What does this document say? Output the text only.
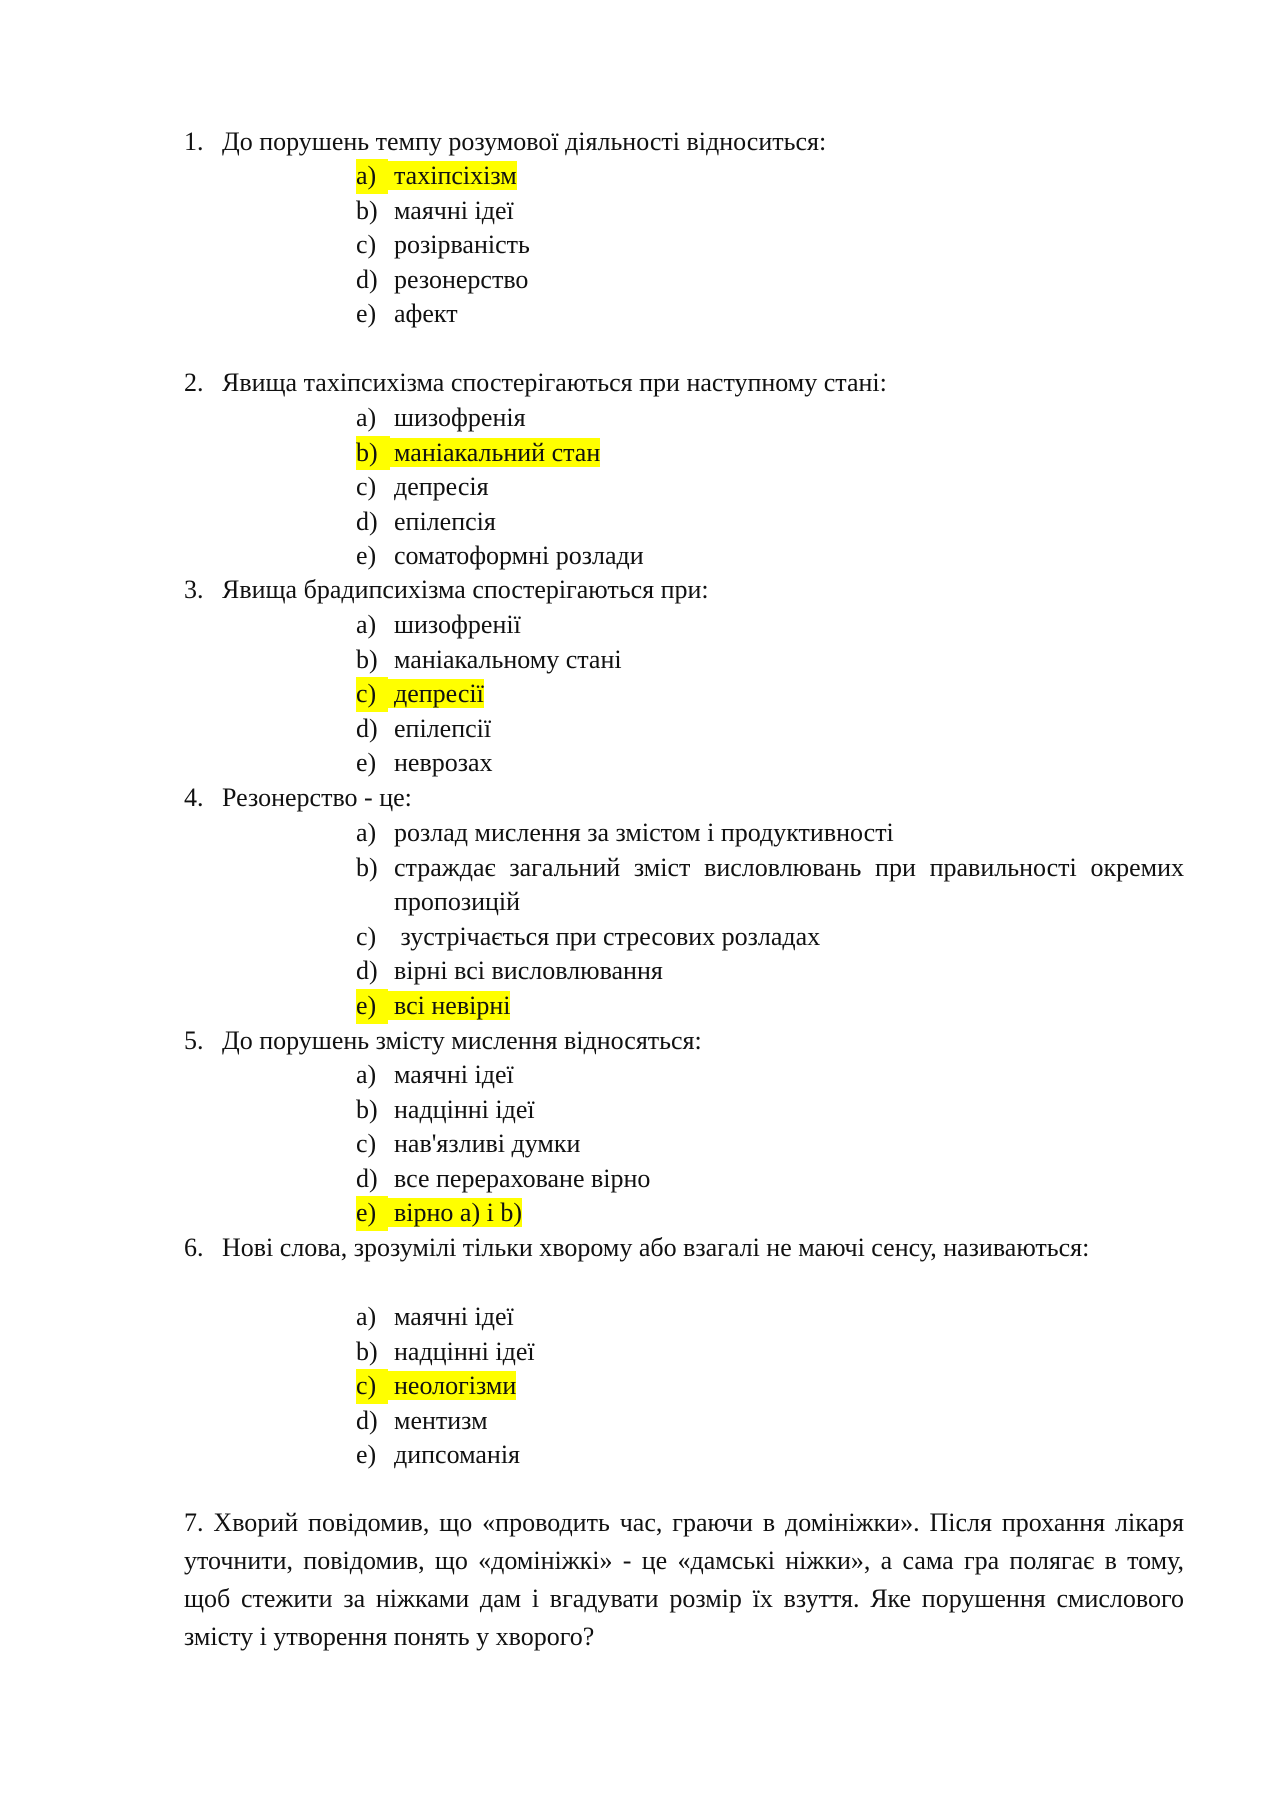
1. До порушень темпу розумової діяльності відноситься:
a) тахіпсіхізм
b) маячні ідеї
c) розірваність
d) резонерство
e) афект
2. Явища тахіпсихізма спостерігаються при наступному стані:
a) шизофренія
b) маніакальний стан
c) депресія
d) епілепсія
e) соматоформні розлади
3. Явища брадипсихізма спостерігаються при:
a) шизофренії
b) маніакальному стані
c) депресії
d) епілепсії
e) неврозах
4. Резонерство - це:
a) розлад мислення за змістом і продуктивності
b) страждає загальний зміст висловлювань при правильності окремих пропозицій
c) зустрічається при стресових розладах
d) вірні всі висловлювання
e) всі невірні
5. До порушень змісту мислення відносяться:
a) маячні ідеї
b) надцінні ідеї
c) нав'язливі думки
d) все перераховане вірно
e) вірно а) і b)
6. Нові слова, зрозумілі тільки хворому або взагалі не маючі сенсу, називаються:
a) маячні ідеї
b) надцінні ідеї
c) неологізми
d) ментизм
e) дипсоманія
7. Хворий повідомив, що «проводить час, граючи в домініжки». Після прохання лікаря уточнити, повідомив, що «домініжкі» - це «дамські ніжки», а сама гра полягає в тому, щоб стежити за ніжками дам і вгадувати розмір їх взуття. Яке порушення смислового змісту і утворення понять у хворого?
